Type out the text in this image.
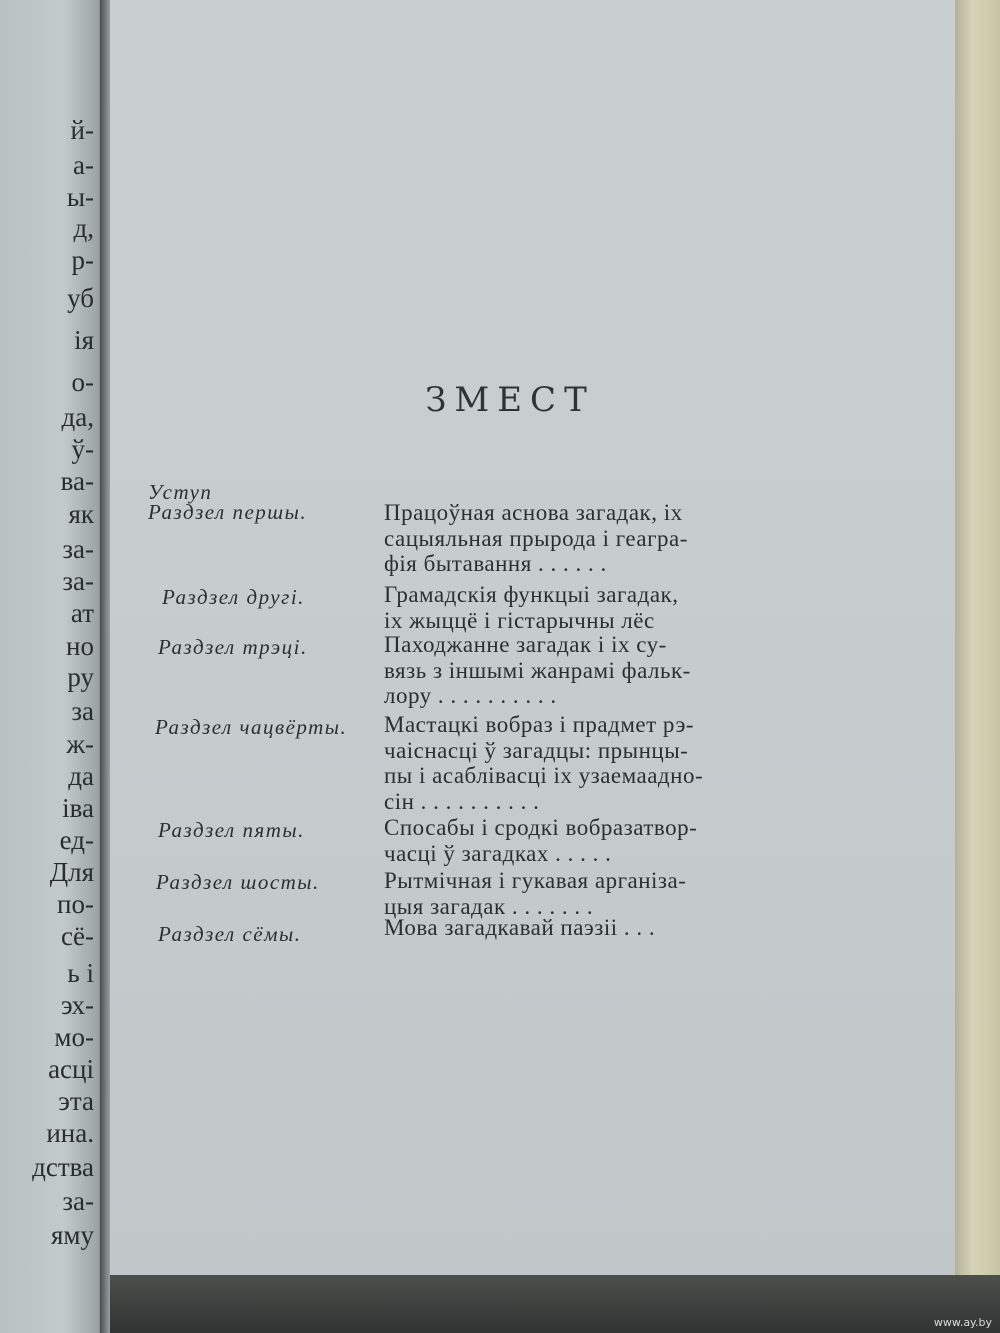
й-
а-
ы-
д,
р-
уб
ія
о-
да,
ў-
ва-
як
за-
за-
ат
но
ру
за
ж-
да
іва
ед-
Для
по-
сё-
ь і
эх-
мо-
асці
эта
ина.
дства
за-
яму
ЗМЕСТ
Уступ
Раздзел першы.	Працоўная аснова загадак, іх
сацыяльная прырода і геагра-
фія бытавання . . . . . .
Раздзел другі.	Грамадскія функцыі загадак,
іх жыццё і гістарычны лёс
Раздзел трэці.	Паходжанне загадак і іх су-
вязь з іншымі жанрамі фальк-
лору . . . . . . . . . .
Раздзел чацвёрты. Мастацкі вобраз і прадмет рэ-
чаіснасці ў загадцы: прынцы-
пы і асаблівасці іх узаемаадно-
сін . . . . . . . . . .
Раздзел пяты.	Спосабы і сродкі вобразатвор-
часці ў загадках . . . . .
Раздзел шосты.	Рытмічная і гукавая арганіза-
цыя загадак . . . . . . .
Раздзел сёмы.	Мова загадкавай паэзіі . . .
www.ay.by
